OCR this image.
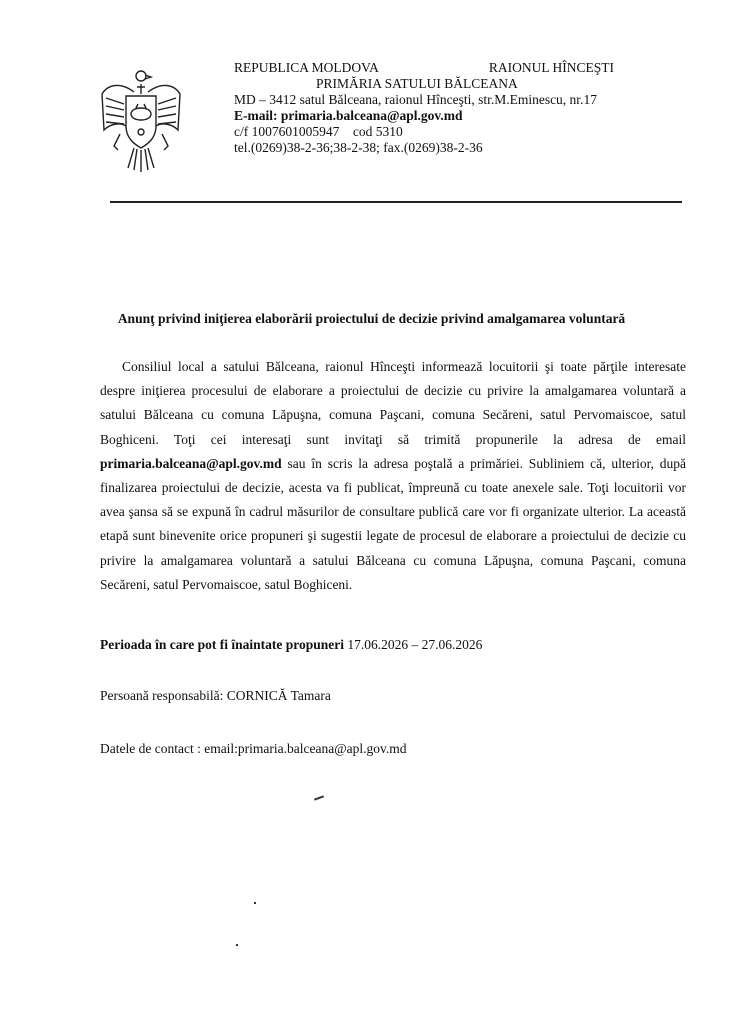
REPUBLICA MOLDOVA	RAIONUL HÎNCEŞTI
PRIMĂRIA SATULUI BĂLCEANA
MD – 3412 satul Bălceana, raionul Hînceşti, str.M.Eminescu, nr.17
E-mail: primaria.balceana@apl.gov.md
c/f 1007601005947    cod 5310
tel.(0269)38-2-36;38-2-38; fax.(0269)38-2-36
Anunţ privind iniţierea elaborării proiectului de decizie privind amalgamarea voluntară

Consiliul local a satului Bălceana, raionul Hînceşti informează locuitorii şi toate părţile interesate despre iniţierea procesului de elaborare a proiectului de decizie cu privire la amalgamarea voluntară a satului Bălceana cu comuna Lăpuşna, comuna Paşcani, comuna Secăreni, satul Pervomaiscoe, satul Boghiceni. Toţi cei interesaţi sunt invitaţi să trimită propunerile la adresa de email primaria.balceana@apl.gov.md sau în scris la adresa poştală a primăriei. Subliniem că, ulterior, după finalizarea proiectului de decizie, acesta va fi publicat, împreună cu toate anexele sale. Toţi locuitorii vor avea şansa să se expună în cadrul măsurilor de consultare publică care vor fi organizate ulterior. La această etapă sunt binevenite orice propuneri şi sugestii legate de procesul de elaborare a proiectului de decizie cu privire la amalgamarea voluntară a satului Bălceana cu comuna Lăpuşna, comuna Paşcani, comuna Secăreni, satul Pervomaiscoe, satul Boghiceni.

Perioada în care pot fi înaintate propuneri 17.06.2026 – 27.06.2026
Persoană responsabilă: CORNICĂ Tamara
Datele de contact : email:primaria.balceana@apl.gov.md
